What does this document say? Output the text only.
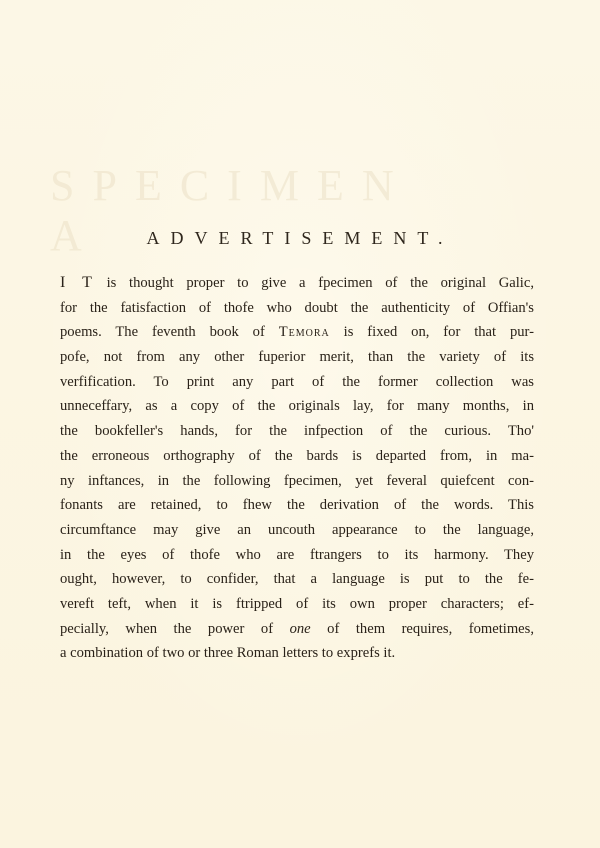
SPECIMEN
A	ADVERTISEMENT.
I T is thought proper to give a fpecimen of the original Galic,
for the fatisfaction of thofe who doubt the authenticity of Offian's
poems. The feventh book of Temora is fixed on, for that pur-
pofe, not from any other fuperior merit, than the variety of its
verfification. To print any part of the former collection was
unneceffary, as a copy of the originals lay, for many months, in
the bookfeller's hands, for the infpection of the curious. Tho'
the erroneous orthography of the bards is departed from, in ma-
ny inftances, in the following fpecimen, yet feveral quiefcent con-
fonants are retained, to fhew the derivation of the words. This
circumftance may give an uncouth appearance to the language,
in the eyes of thofe who are ftrangers to its harmony. They
ought, however, to confider, that a language is put to the fe-
vereft teft, when it is ftripped of its own proper characters; ef-
pecially, when the power of one of them requires, fometimes,
a combination of two or three Roman letters to exprefs it.
